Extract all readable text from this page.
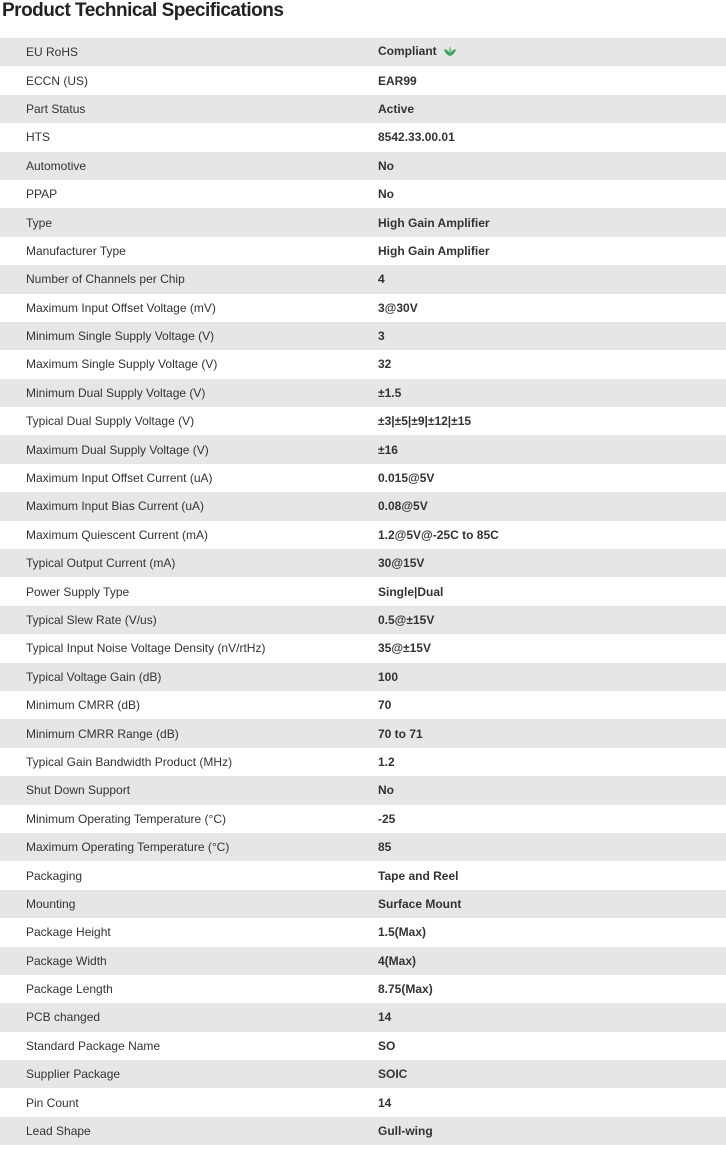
Product Technical Specifications
EU RoHS	Compliant
ECCN (US)	EAR99
Part Status	Active
HTS	8542.33.00.01
Automotive	No
PPAP	No
Type	High Gain Amplifier
Manufacturer Type	High Gain Amplifier
Number of Channels per Chip	4
Maximum Input Offset Voltage (mV)	3@30V
Minimum Single Supply Voltage (V)	3
Maximum Single Supply Voltage (V)	32
Minimum Dual Supply Voltage (V)	±1.5
Typical Dual Supply Voltage (V)	±3|±5|±9|±12|±15
Maximum Dual Supply Voltage (V)	±16
Maximum Input Offset Current (uA)	0.015@5V
Maximum Input Bias Current (uA)	0.08@5V
Maximum Quiescent Current (mA)	1.2@5V@-25C to 85C
Typical Output Current (mA)	30@15V
Power Supply Type	Single|Dual
Typical Slew Rate (V/us)	0.5@±15V
Typical Input Noise Voltage Density (nV/rtHz)	35@±15V
Typical Voltage Gain (dB)	100
Minimum CMRR (dB)	70
Minimum CMRR Range (dB)	70 to 71
Typical Gain Bandwidth Product (MHz)	1.2
Shut Down Support	No
Minimum Operating Temperature (°C)	-25
Maximum Operating Temperature (°C)	85
Packaging	Tape and Reel
Mounting	Surface Mount
Package Height	1.5(Max)
Package Width	4(Max)
Package Length	8.75(Max)
PCB changed	14
Standard Package Name	SO
Supplier Package	SOIC
Pin Count	14
Lead Shape	Gull-wing
